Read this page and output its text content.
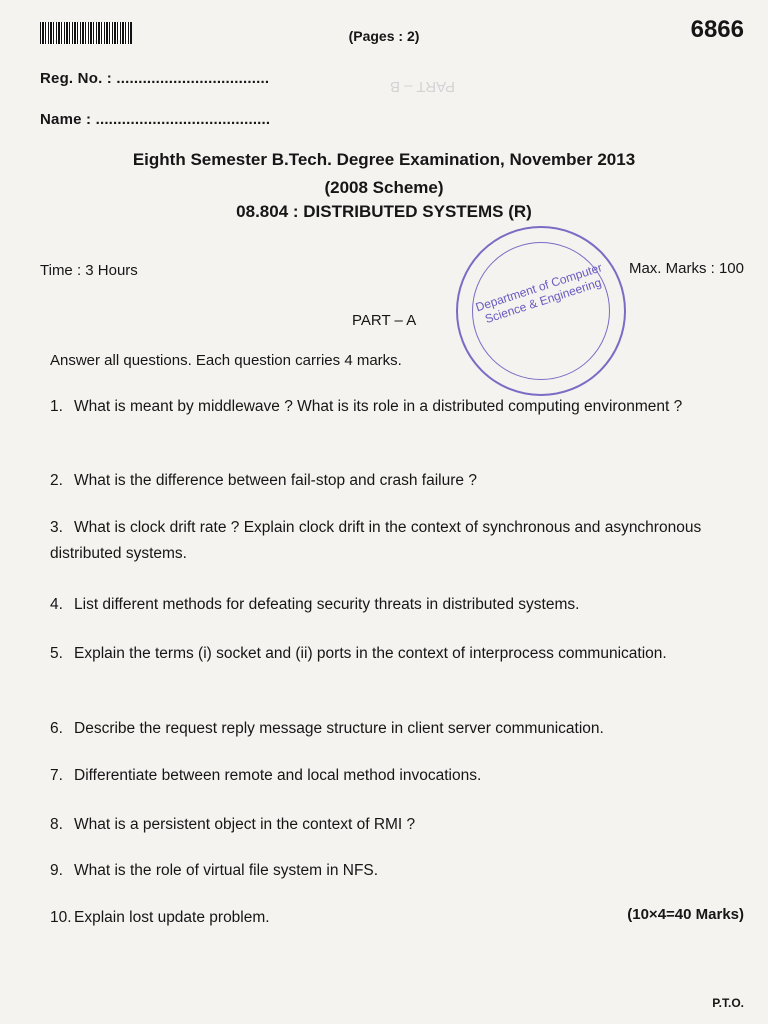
(Pages : 2)	6866
PART – B
Reg. No. : ...................................
Name : ........................................
Eighth Semester B.Tech. Degree Examination, November 2013
(2008 Scheme)
08.804 : DISTRIBUTED SYSTEMS (R)
Time : 3 Hours	Max. Marks : 100
Department of Computer Science & Engineering
PART – A
Answer all questions. Each question carries 4 marks.
1. What is meant by middlewave ? What is its role in a distributed computing environment ?
2. What is the difference between fail-stop and crash failure ?
3. What is clock drift rate ? Explain clock drift in the context of synchronous and asynchronous distributed systems.
4. List different methods for defeating security threats in distributed systems.
5. Explain the terms (i) socket and (ii) ports in the context of interprocess communication.
6. Describe the request reply message structure in client server communication.
7. Differentiate between remote and local method invocations.
8. What is a persistent object in the context of RMI ?
9. What is the role of virtual file system in NFS.
10. Explain lost update problem.	(10×4=40 Marks)
P.T.O.
